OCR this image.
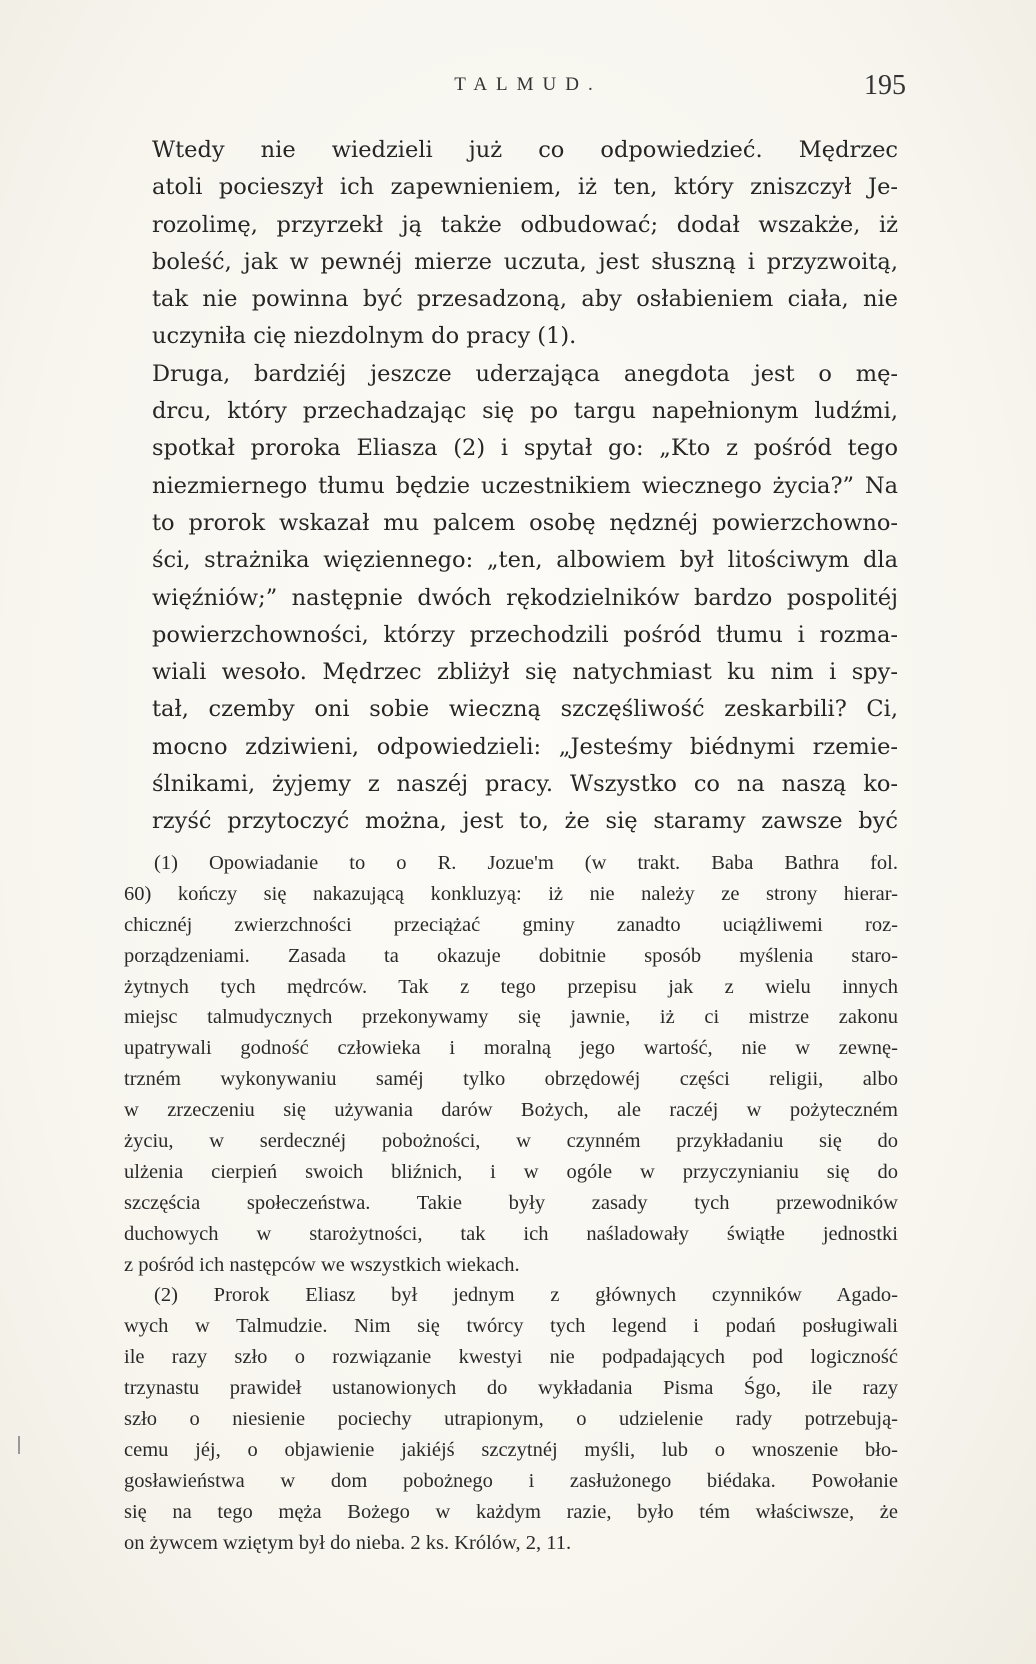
TALMUD.	195
Wtedy nie wiedzieli już co odpowiedzieć. Mędrzec
atoli pocieszył ich zapewnieniem, iż ten, który zniszczył Je-
rozolimę, przyrzekł ją także odbudować; dodał wszakże, iż
boleść, jak w pewnéj mierze uczuta, jest słuszną i przyzwoitą,
tak nie powinna być przesadzoną, aby osłabieniem ciała, nie
uczyniła cię niezdolnym do pracy (1).
Druga, bardziéj jeszcze uderzająca anegdota jest o mę-
drcu, który przechadzając się po targu napełnionym ludźmi,
spotkał proroka Eliasza (2) i spytał go: „Kto z pośród tego
niezmiernego tłumu będzie uczestnikiem wiecznego życia?” Na
to prorok wskazał mu palcem osobę nędznéj powierzchowno-
ści, strażnika więziennego: „ten, albowiem był litościwym dla
więźniów;” następnie dwóch rękodzielników bardzo pospolitéj
powierzchowności, którzy przechodzili pośród tłumu i rozma-
wiali wesoło. Mędrzec zbliżył się natychmiast ku nim i spy-
tał, czemby oni sobie wieczną szczęśliwość zeskarbili? Ci,
mocno zdziwieni, odpowiedzieli: „Jesteśmy biédnymi rzemie-
ślnikami, żyjemy z naszéj pracy. Wszystko co na naszą ko-
rzyść przytoczyć można, jest to, że się staramy zawsze być
(1) Opowiadanie to o R. Jozue'm (w trakt. Baba Bathra fol.
60) kończy się nakazującą konkluzyą: iż nie należy ze strony hierar-
chicznéj zwierzchności przeciążać gminy zanadto uciążliwemi roz-
porządzeniami. Zasada ta okazuje dobitnie sposób myślenia staro-
żytnych tych mędrców. Tak z tego przepisu jak z wielu innych
miejsc talmudycznych przekonywamy się jawnie, iż ci mistrze zakonu
upatrywali godność człowieka i moralną jego wartość, nie w zewnę-
trzném wykonywaniu saméj tylko obrzędowéj części religii, albo
w zrzeczeniu się używania darów Bożych, ale raczéj w pożyteczném
życiu, w serdecznéj pobożności, w czynném przykładaniu się do
ulżenia cierpień swoich bliźnich, i w ogóle w przyczynianiu się do
szczęścia społeczeństwa. Takie były zasady tych przewodników
duchowych w starożytności, tak ich naśladowały świątłe jednostki
z pośród ich następców we wszystkich wiekach.
(2) Prorok Eliasz był jednym z głównych czynników Agado-
wych w Talmudzie. Nim się twórcy tych legend i podań posługiwali
ile razy szło o rozwiązanie kwestyi nie podpadających pod logiczność
trzynastu prawideł ustanowionych do wykładania Pisma Śgo, ile razy
szło o niesienie pociechy utrapionym, o udzielenie rady potrzebują-
cemu jéj, o objawienie jakiéjś szczytnéj myśli, lub o wnoszenie bło-
gosławieństwa w dom pobożnego i zasłużonego biédaka. Powołanie
się na tego męża Bożego w każdym razie, było tém właściwsze, że
on żywcem wziętym był do nieba. 2 ks. Królów, 2, 11.
